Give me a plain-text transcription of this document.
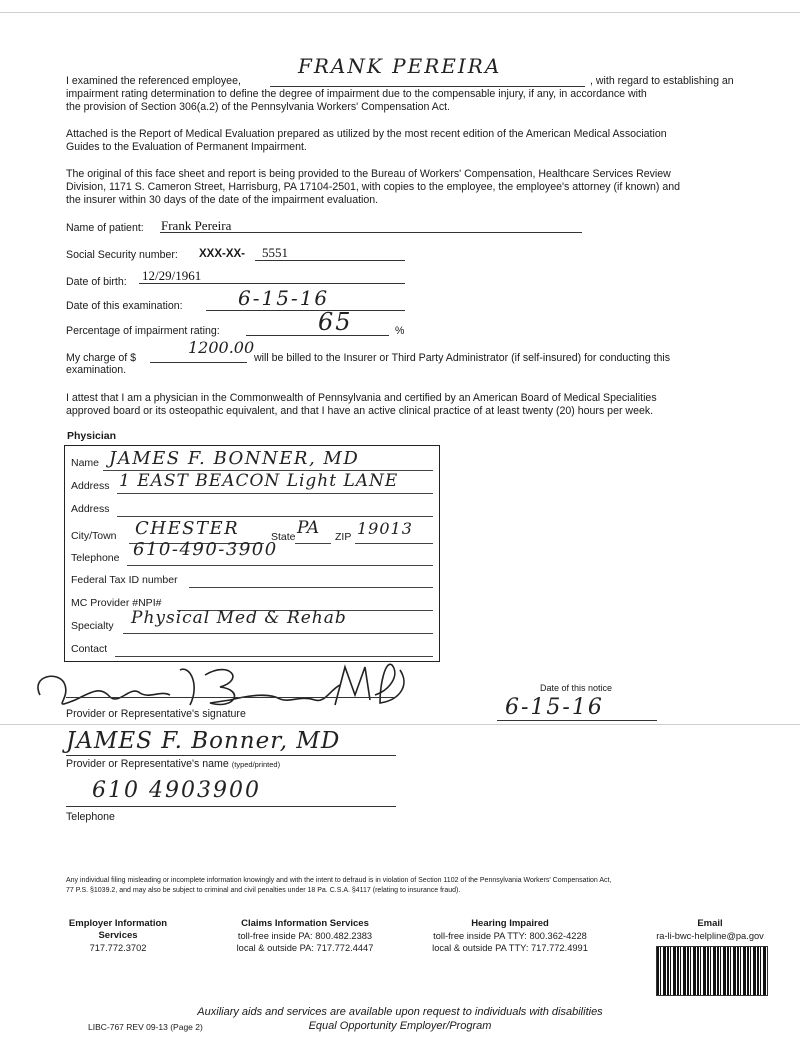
I examined the referenced employee,
FRANK PEREIRA
, with regard to establishing an
impairment rating determination to define the degree of impairment due to the compensable injury, if any, in accordance with
the provision of Section 306(a.2) of the Pennsylvania Workers' Compensation Act.
Attached is the Report of Medical Evaluation prepared as utilized by the most recent edition of the American Medical Association
Guides to the Evaluation of Permanent Impairment.
The original of this face sheet and report is being provided to the Bureau of Workers' Compensation, Healthcare Services Review
Division, 1171 S. Cameron Street, Harrisburg, PA 17104-2501, with copies to the employee, the employee's attorney (if known) and
the insurer within 30 days of the date of the impairment evaluation.
Name of patient: Frank Pereira
Social Security number: XXX-XX- 5551
Date of birth: 12/29/1961
Date of this examination:	6-15-16
Percentage of impairment rating:	65	%
My charge of $
1200.00
will be billed to the Insurer or Third Party Administrator (if self-insured) for conducting this
examination.
I attest that I am a physician in the Commonwealth of Pennsylvania and certified by an American Board of Medical Specialities
approved board or its osteopathic equivalent, and that I have an active clinical practice of at least twenty (20) hours per week.
Physician
Name JAMES F. BONNER, MD
Address 1 EAST BEACON Light LANE
Address
City/Town CHESTER	State PA ZIP 19013
Telephone 610-490-3900
Federal Tax ID number
MC Provider #NPI#
Specialty Physical Med & Rehab
Contact
Provider or Representative's signature
Date of this notice
6-15-16
JAMES F. Bonner, MD
Provider or Representative's name (typed/printed)
610 4903900
Telephone
Any individual filing misleading or incomplete information knowingly and with the intent to defraud is in violation of Section 1102 of the Pennsylvania Workers' Compensation Act,
77 P.S. §1039.2, and may also be subject to criminal and civil penalties under 18 Pa. C.S.A. §4117 (relating to insurance fraud).
Employer Information
Services
717.772.3702
Claims Information Services
toll-free inside PA: 800.482.2383
local & outside PA: 717.772.4447
Hearing Impaired
toll-free inside PA TTY: 800.362-4228
local & outside PA TTY: 717.772.4991
Email
ra-li-bwc-helpline@pa.gov
Auxiliary aids and services are available upon request to individuals with disabilities
Equal Opportunity Employer/Program
LIBC-767 REV 09-13 (Page 2)
